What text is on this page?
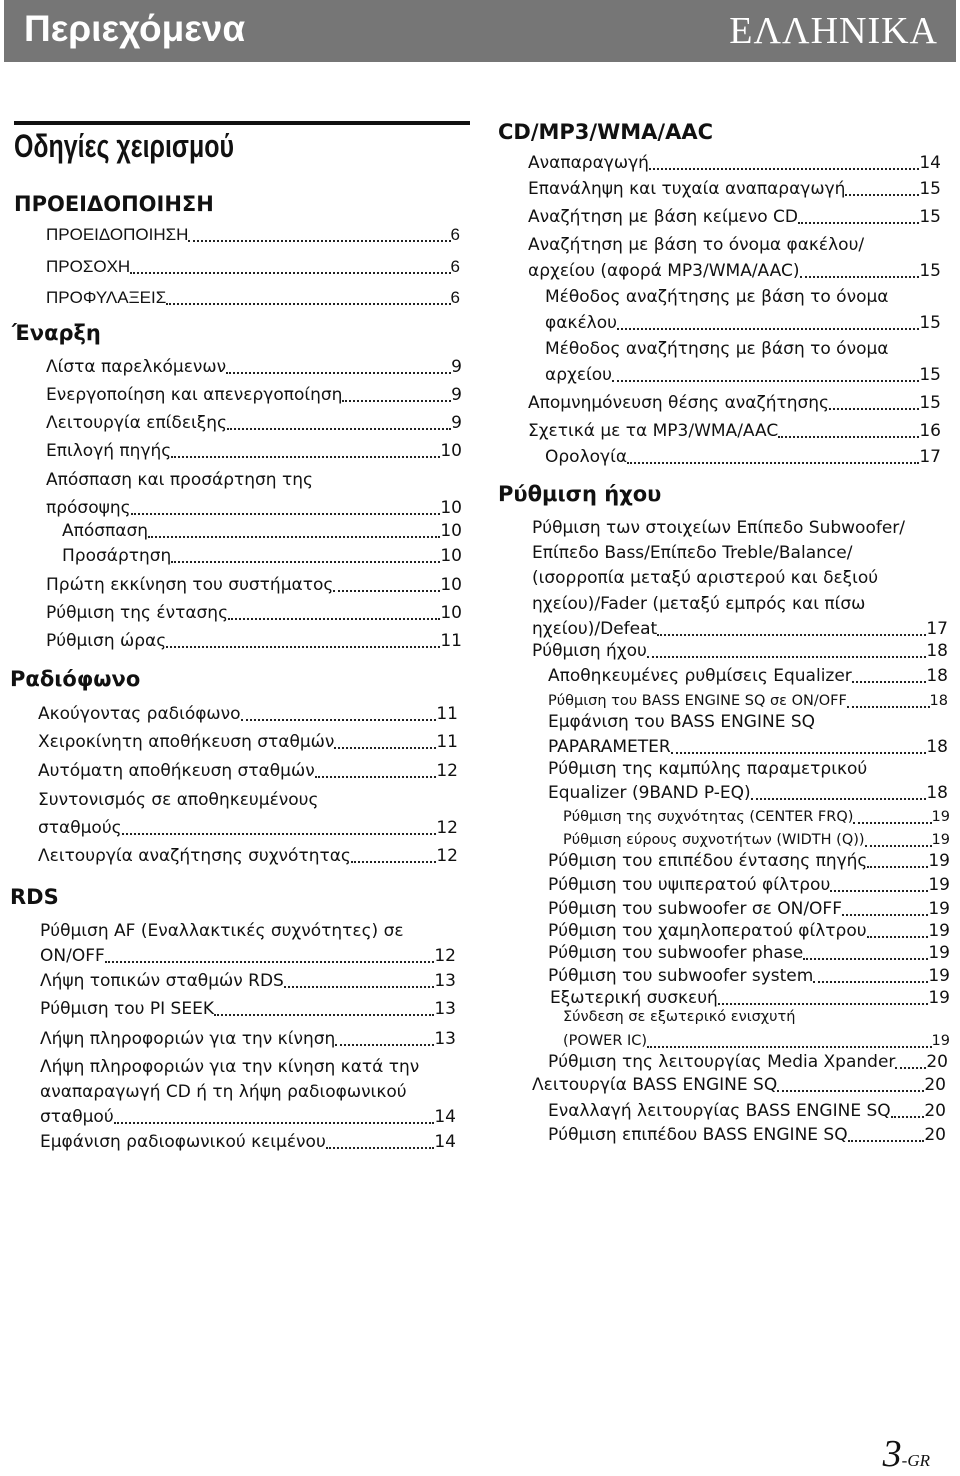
Περιεχόμενα	ΕΛΛΗΝΙΚΑ
Οδηγίες χειρισμού
ΠΡΟΕΙΔΟΠΟΙΗΣΗ
ΠΡΟΕΙΔΟΠΟΙΗΣΗ	6
ΠΡΟΣΟΧΗ	6
ΠΡΟΦΥΛΑΞΕΙΣ	6
Έναρξη
Λίστα παρελκόμενων	9
Ενεργοποίηση και απενεργοποίηση	9
Λειτουργία επίδειξης	9
Επιλογή πηγής	10
Απόσπαση και προσάρτηση της
πρόσοψης	10
Απόσπαση	10
Προσάρτηση	10
Πρώτη εκκίνηση του συστήματος	10
Ρύθμιση της έντασης	10
Ρύθμιση ώρας	11
Ραδιόφωνο
Ακούγοντας ραδιόφωνο	11
Χειροκίνητη αποθήκευση σταθμών	11
Αυτόματη αποθήκευση σταθμών	12
Συντονισμός σε αποθηκευμένους
σταθμούς	12
Λειτουργία αναζήτησης συχνότητας	12
RDS
Ρύθμιση AF (Εναλλακτικές συχνότητες) σε
ON/OFF	12
Λήψη τοπικών σταθμών RDS	13
Ρύθμιση του PI SEEK	13
Λήψη πληροφοριών για την κίνηση	13
Λήψη πληροφοριών για την κίνηση κατά την
αναπαραγωγή CD ή τη λήψη ραδιοφωνικού
σταθμού	14
Εμφάνιση ραδιοφωνικού κειμένου	14
CD/MP3/WMA/AAC
Αναπαραγωγή	14
Επανάληψη και τυχαία αναπαραγωγή	15
Αναζήτηση με βάση κείμενο CD	15
Αναζήτηση με βάση το όνομα φακέλου/
αρχείου (αφορά MP3/WMA/AAC)	15
Μέθοδος αναζήτησης με βάση το όνομα
φακέλου	15
Μέθοδος αναζήτησης με βάση το όνομα
αρχείου	15
Απομνημόνευση θέσης αναζήτησης	15
Σχετικά με τα MP3/WMA/AAC	16
Ορολογία	17
Ρύθμιση ήχου
Ρύθμιση των στοιχείων Επίπεδο Subwoofer/
Επίπεδο Bass/Επίπεδο Treble/Balance/
(ισορροπία μεταξύ αριστερού και δεξιού
ηχείου)/Fader (μεταξύ εμπρός και πίσω
ηχείου)/Defeat	17
Ρύθμιση ήχου	18
Αποθηκευμένες ρυθμίσεις Equalizer	18
Ρύθμιση του BASS ENGINE SQ σε ON/OFF	18
Εμφάνιση του BASS ENGINE SQ
PAPARAMETER	18
Ρύθμιση της καμπύλης παραμετρικού
Equalizer (9BAND P-EQ)	18
Ρύθμιση της συχνότητας (CENTER FRQ)	19
Ρύθμιση εύρους συχνοτήτων (WIDTH (Q))	19
Ρύθμιση του επιπέδου έντασης πηγής	19
Ρύθμιση του υψιπερατού φίλτρου	19
Ρύθμιση του subwoofer σε ON/OFF	19
Ρύθμιση του χαμηλοπερατού φίλτρου	19
Ρύθμιση του subwoofer phase	19
Ρύθμιση του subwoofer system	19
Εξωτερική συσκευή	19
Σύνδεση σε εξωτερικό ενισχυτή
(POWER IC)	19
Ρύθμιση της λειτουργίας Media Xpander 20
Λειτουργία BASS ENGINE SQ	20
Εναλλαγή λειτουργίας BASS ENGINE SQ 20
Ρύθμιση επιπέδου BASS ENGINE SQ	20
3-GR
